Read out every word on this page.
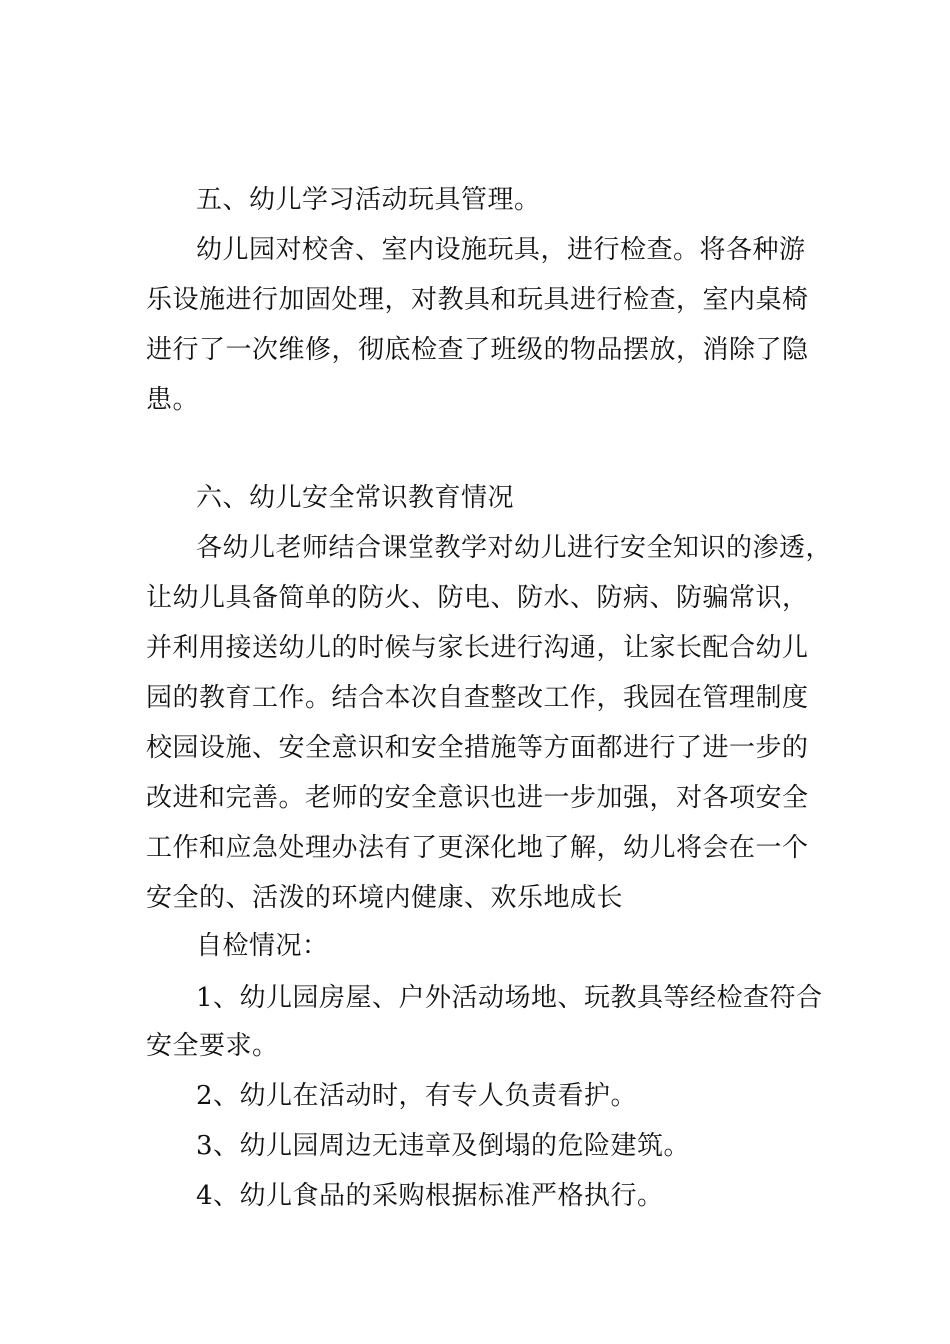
五、幼儿学习活动玩具管理。
幼儿园对校舍、室内设施玩具，进行检查。将各种游
乐设施进行加固处理，对教具和玩具进行检查，室内桌椅
进行了一次维修，彻底检查了班级的物品摆放，消除了隐
患。
六、幼儿安全常识教育情况
各幼儿老师结合课堂教学对幼儿进行安全知识的渗透，
让幼儿具备简单的防火、防电、防水、防病、防骗常识，
并利用接送幼儿的时候与家长进行沟通，让家长配合幼儿
园的教育工作。结合本次自查整改工作，我园在管理制度
校园设施、安全意识和安全措施等方面都进行了进一步的
改进和完善。老师的安全意识也进一步加强，对各项安全
工作和应急处理办法有了更深化地了解，幼儿将会在一个
安全的、活泼的环境内健康、欢乐地成长
自检情况：
1、幼儿园房屋、户外活动场地、玩教具等经检查符合
安全要求。
2、幼儿在活动时，有专人负责看护。
3、幼儿园周边无违章及倒塌的危险建筑。
4、幼儿食品的采购根据标准严格执行。
